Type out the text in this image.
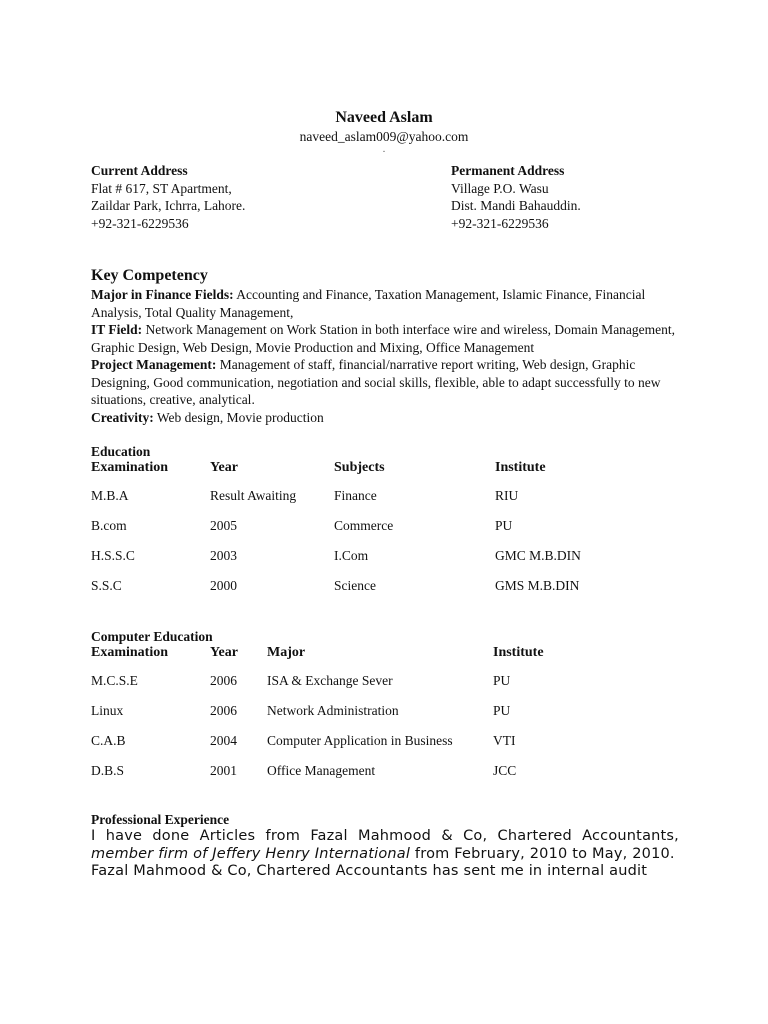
Naveed Aslam
naveed_aslam009@yahoo.com
.
Current Address
Flat # 617, ST Apartment,
Zaildar Park, Ichrra, Lahore.
+92-321-6229536
Permanent Address
Village P.O. Wasu
Dist. Mandi Bahauddin.
+92-321-6229536
Key Competency
Major in Finance Fields: Accounting and Finance, Taxation Management, Islamic Finance, Financial Analysis, Total Quality Management,
IT Field: Network Management on Work Station in both interface wire and wireless, Domain Management, Graphic Design, Web Design, Movie Production and Mixing, Office Management
Project Management: Management of staff, financial/narrative report writing, Web design, Graphic Designing, Good communication, negotiation and social skills, flexible, able to adapt successfully to new situations, creative, analytical.
Creativity: Web design, Movie production
Education
Examination	Year	Subjects	Institute
M.B.A	Result Awaiting	Finance	RIU
B.com	2005	Commerce	PU
H.S.S.C	2003	I.Com	GMC M.B.DIN
S.S.C	2000	Science	GMS M.B.DIN
Computer Education
Examination	Year Major	Institute
M.C.S.E	2006 ISA & Exchange Sever	PU
Linux	2006 Network Administration	PU
C.A.B	2004 Computer Application in Business	VTI
D.B.S	2001 Office Management	JCC
Professional Experience
I have done Articles from Fazal Mahmood & Co, Chartered Accountants, member firm of Jeffery Henry International from February, 2010 to May, 2010.
Fazal Mahmood & Co, Chartered Accountants has sent me in internal audit
